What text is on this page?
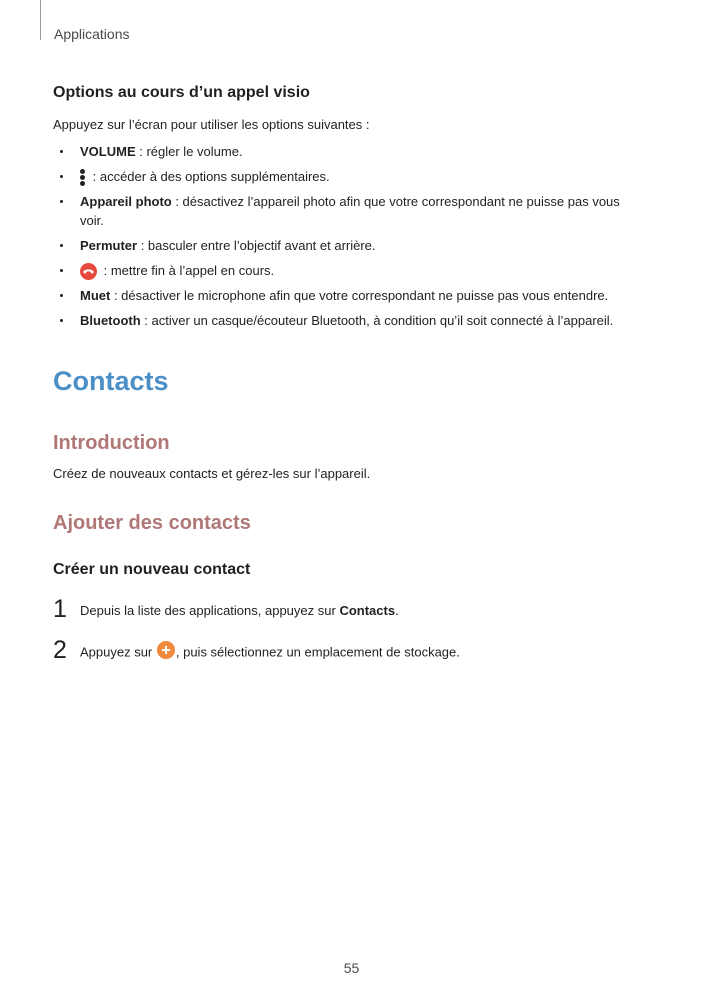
Applications
Options au cours d’un appel visio
Appuyez sur l’écran pour utiliser les options suivantes :
VOLUME : régler le volume.
: accéder à des options supplémentaires.
Appareil photo : désactivez l’appareil photo afin que votre correspondant ne puisse pas vous voir.
Permuter : basculer entre l’objectif avant et arrière.
: mettre fin à l’appel en cours.
Muet : désactiver le microphone afin que votre correspondant ne puisse pas vous entendre.
Bluetooth : activer un casque/écouteur Bluetooth, à condition qu’il soit connecté à l’appareil.
Contacts
Introduction
Créez de nouveaux contacts et gérez-les sur l’appareil.
Ajouter des contacts
Créer un nouveau contact
1 Depuis la liste des applications, appuyez sur Contacts.
2 Appuyez sur , puis sélectionnez un emplacement de stockage.
55
